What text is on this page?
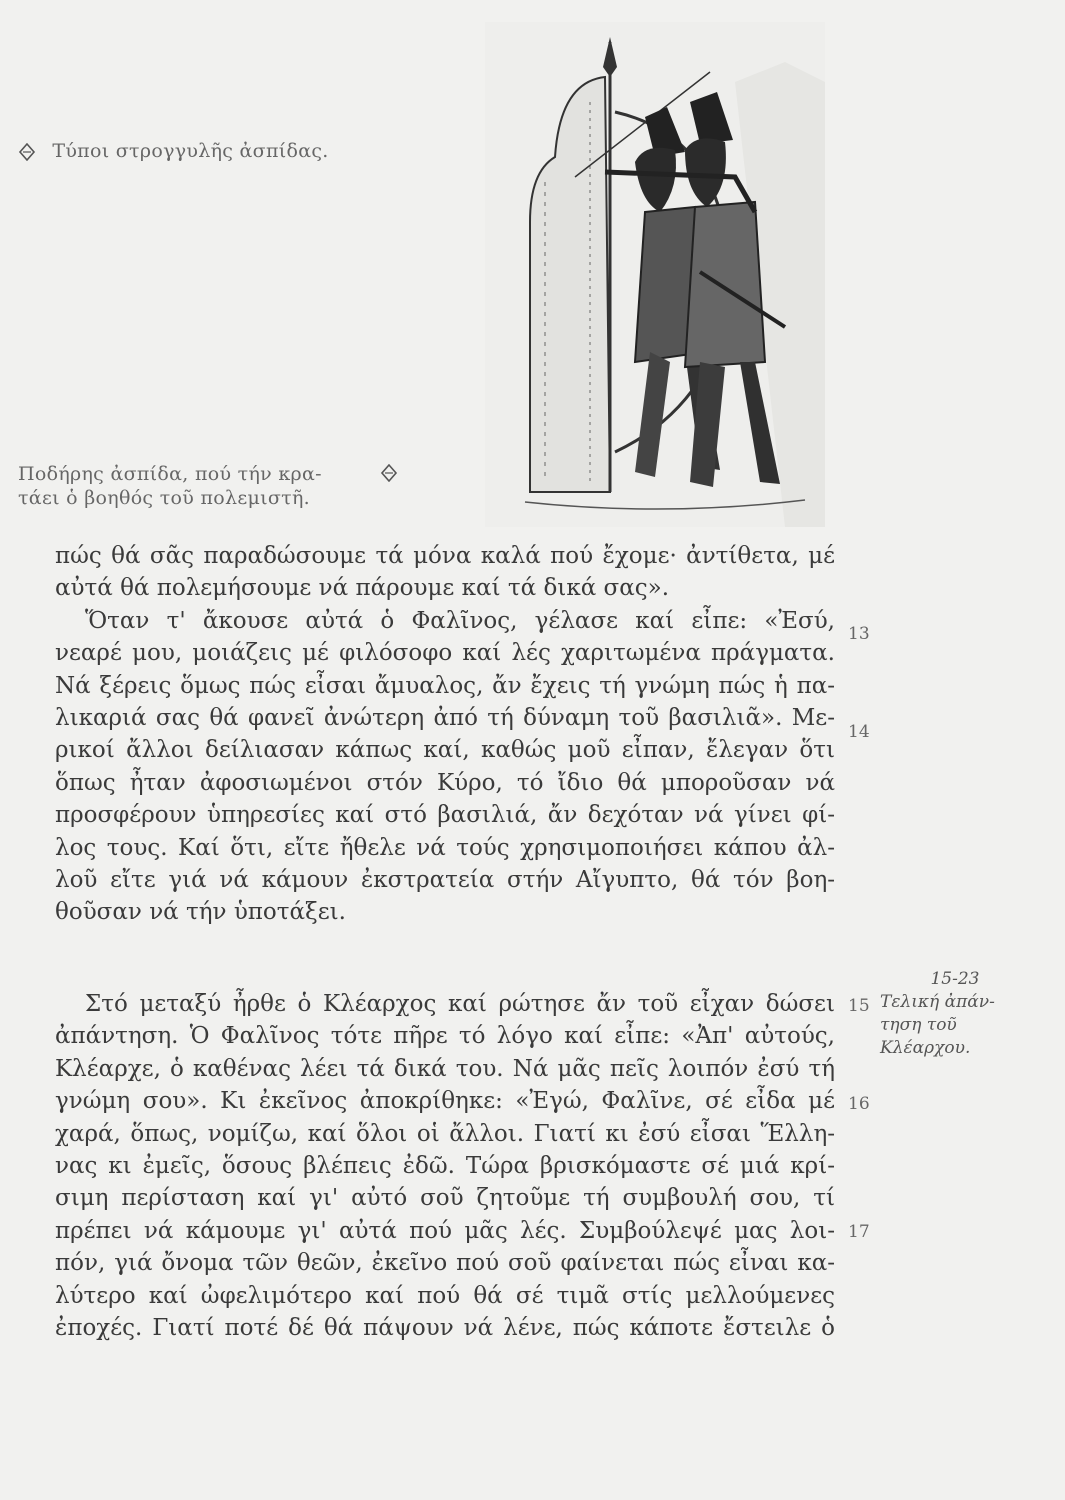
Τύποι στρογγυλῆς ἀσπίδας.
Ποδήρης ἀσπίδα, πού τήν κρα-
τάει ὁ βοηθός τοῦ πολεμιστῆ.
πώς θά σᾶς παραδώσουμε τά μόνα καλά πού ἔχομε· ἀντίθετα, μέ
αὐτά θά πολεμήσουμε νά πάρουμε καί τά δικά σας».
Ὅταν τ' ἄκουσε αὐτά ὁ Φαλῖνος, γέλασε καί εἶπε: «Ἐσύ,
νεαρέ μου, μοιάζεις μέ φιλόσοφο καί λές χαριτωμένα πράγματα.
Νά ξέρεις ὅμως πώς εἶσαι ἄμυαλος, ἄν ἔχεις τή γνώμη πώς ἡ πα-
λικαριά σας θά φανεῖ ἀνώτερη ἀπό τή δύναμη τοῦ βασιλιᾶ». Με-
ρικοί ἄλλοι δείλιασαν κάπως καί, καθώς μοῦ εἶπαν, ἔλεγαν ὅτι
ὅπως ἦταν ἀφοσιωμένοι στόν Κύρο, τό ἴδιο θά μποροῦσαν νά
προσφέρουν ὑπηρεσίες καί στό βασιλιά, ἄν δεχόταν νά γίνει φί-
λος τους. Καί ὅτι, εἴτε ἤθελε νά τούς χρησιμοποιήσει κάπου ἀλ-
λοῦ εἴτε γιά νά κάμουν ἐκστρατεία στήν Αἴγυπτο, θά τόν βοη-
θοῦσαν νά τήν ὑποτάξει.
Στό μεταξύ ἦρθε ὁ Κλέαρχος καί ρώτησε ἄν τοῦ εἶχαν δώσει
ἀπάντηση. Ὁ Φαλῖνος τότε πῆρε τό λόγο καί εἶπε: «Ἀπ' αὐτούς,
Κλέαρχε, ὁ καθένας λέει τά δικά του. Νά μᾶς πεῖς λοιπόν ἐσύ τή
γνώμη σου». Κι ἐκεῖνος ἀποκρίθηκε: «Ἐγώ, Φαλῖνε, σέ εἶδα μέ
χαρά, ὅπως, νομίζω, καί ὅλοι οἱ ἄλλοι. Γιατί κι ἐσύ εἶσαι Ἕλλη-
νας κι ἐμεῖς, ὅσους βλέπεις ἐδῶ. Τώρα βρισκόμαστε σέ μιά κρί-
σιμη περίσταση καί γι' αὐτό σοῦ ζητοῦμε τή συμβουλή σου, τί
πρέπει νά κάμουμε γι' αὐτά πού μᾶς λές. Συμβούλεψέ μας λοι-
πόν, γιά ὄνομα τῶν θεῶν, ἐκεῖνο πού σοῦ φαίνεται πώς εἶναι κα-
λύτερο καί ὠφελιμότερο καί πού θά σέ τιμᾶ στίς μελλούμενες
ἐποχές. Γιατί ποτέ δέ θά πάψουν νά λένε, πώς κάποτε ἔστειλε ὁ
13
14
15
16
17
15-23
Τελική ἀπάν-
τηση τοῦ
Κλέαρχου.
